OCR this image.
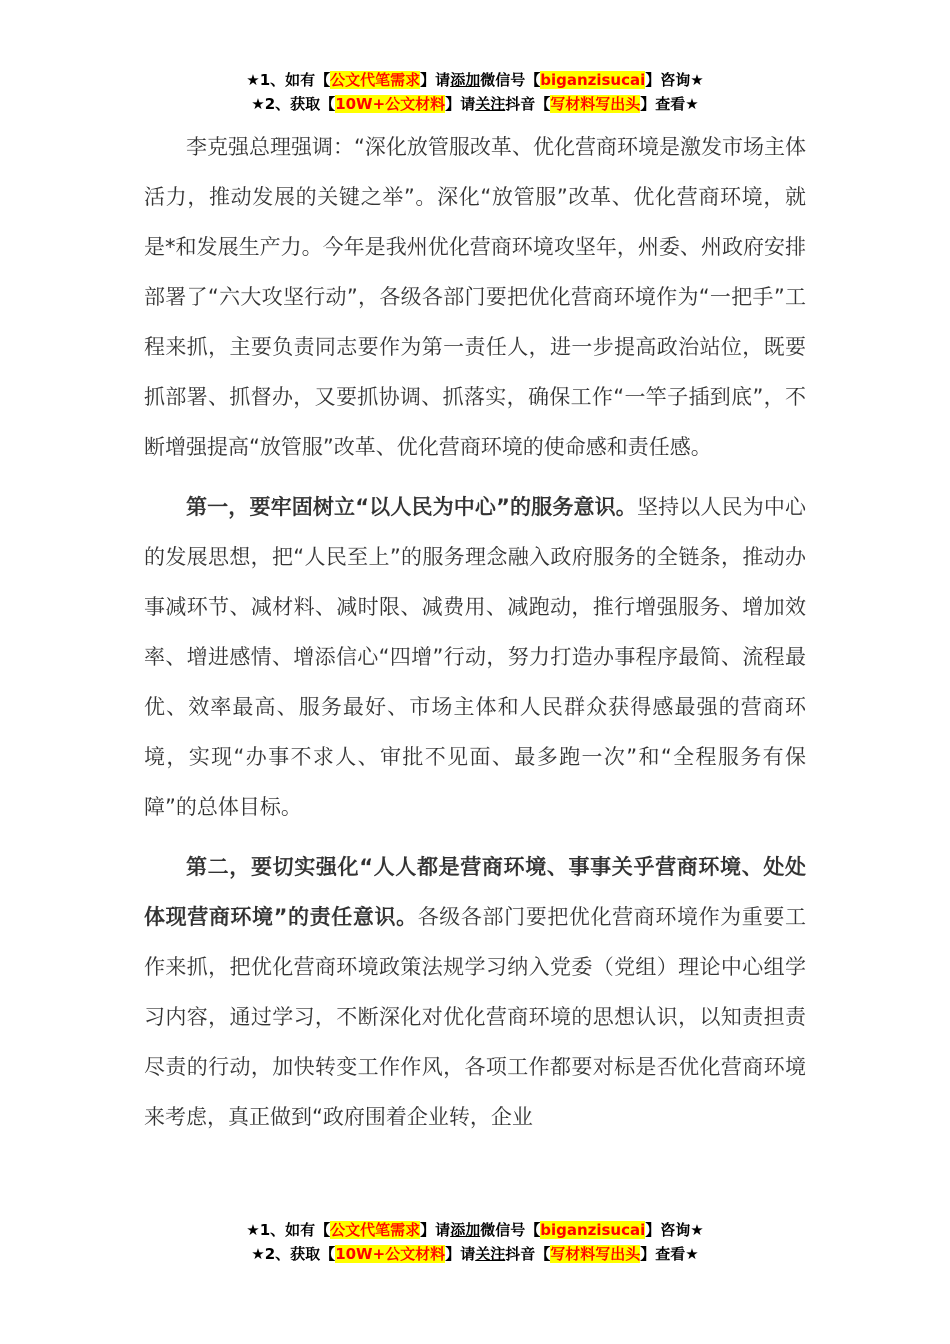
★1、如有【公文代笔需求】请添加微信号【biganzisucai】咨询★
★2、获取【10W+公文材料】请关注抖音【写材料写出头】查看★

李克强总理强调：“深化放管服改革、优化营商环境是激发市场主体活力，推动发展的关键之举”。深化“放管服”改革、优化营商环境，就是*和发展生产力。今年是我州优化营商环境攻坚年，州委、州政府安排部署了“六大攻坚行动”，各级各部门要把优化营商环境作为“一把手”工程来抓，主要负责同志要作为第一责任人，进一步提高政治站位，既要抓部署、抓督办，又要抓协调、抓落实，确保工作“一竿子插到底”，不断增强提高“放管服”改革、优化营商环境的使命感和责任感。

第一，要牢固树立“以人民为中心”的服务意识。坚持以人民为中心的发展思想，把“人民至上”的服务理念融入政府服务的全链条，推动办事减环节、减材料、减时限、减费用、减跑动，推行增强服务、增加效率、增进感情、增添信心“四增”行动，努力打造办事程序最简、流程最优、效率最高、服务最好、市场主体和人民群众获得感最强的营商环境，实现“办事不求人、审批不见面、最多跑一次”和“全程服务有保障”的总体目标。

第二，要切实强化“人人都是营商环境、事事关乎营商环境、处处体现营商环境”的责任意识。各级各部门要把优化营商环境作为重要工作来抓，把优化营商环境政策法规学习纳入党委（党组）理论中心组学习内容，通过学习，不断深化对优化营商环境的思想认识，以知责担责尽责的行动，加快转变工作作风，各项工作都要对标是否优化营商环境来考虑，真正做到“政府围着企业转，企业

★1、如有【公文代笔需求】请添加微信号【biganzisucai】咨询★
★2、获取【10W+公文材料】请关注抖音【写材料写出头】查看★
